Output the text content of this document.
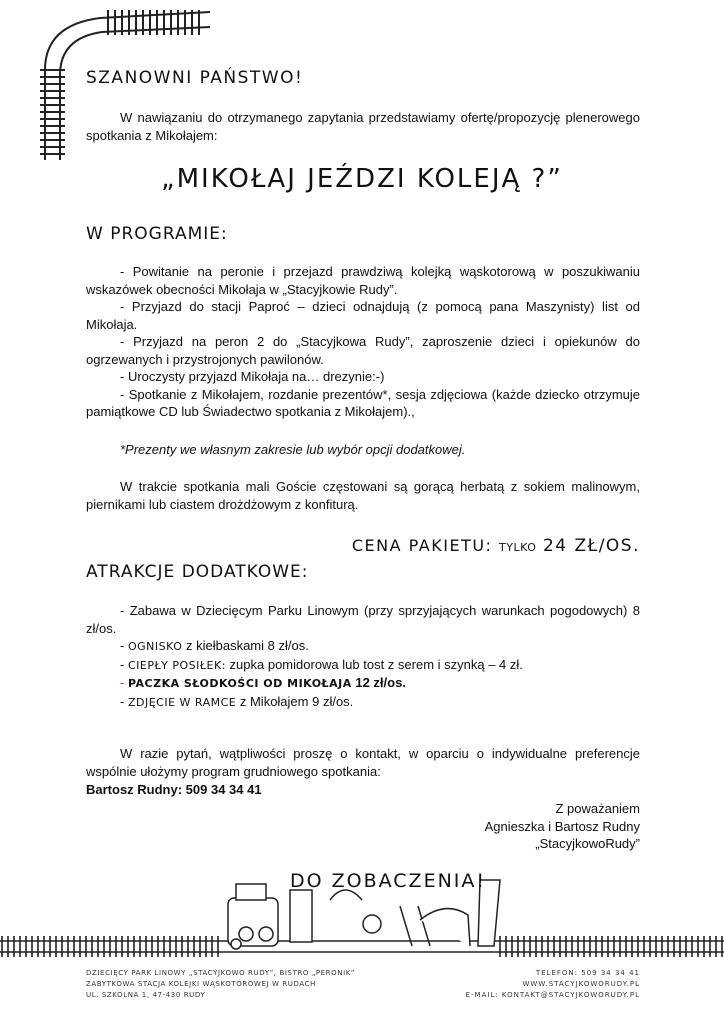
SZANOWNI PAŃSTWO!

W nawiązaniu do otrzymanego zapytania przedstawiamy ofertę/propozycję plenerowego spotkania z Mikołajem:

„MIKOŁAJ JEŹDZI KOLEJĄ ?”
W PROGRAMIE:

- Powitanie na peronie i przejazd prawdziwą kolejką wąskotorową w poszukiwaniu wskazówek obecności Mikołaja w „Stacyjkowie Rudy”.

- Przyjazd do stacji Paproć – dzieci odnajdują (z pomocą pana Maszynisty) list od Mikołaja.

- Przyjazd na peron 2 do „Stacyjkowa Rudy”, zaproszenie dzieci i opiekunów do ogrzewanych i przystrojonych pawilonów.

- Uroczysty przyjazd Mikołaja na… drezynie:-)

- Spotkanie z Mikołajem, rozdanie prezentów*, sesja zdjęciowa (każde dziecko otrzymuje pamiątkowe CD lub Świadectwo spotkania z Mikołajem).,

*Prezenty we własnym zakresie lub wybór opcji dodatkowej.

W trakcie spotkania mali Goście częstowani są gorącą herbatą z sokiem malinowym, piernikami lub ciastem drożdżowym z konfiturą.

CENA PAKIETU: TYLKO 24 ZŁ/OS.
ATRAKCJE DODATKOWE:

- Zabawa w Dziecięcym Parku Linowym (przy sprzyjających warunkach pogodowych) 8 zł/os.

- OGNISKO z kiełbaskami 8 zł/os.

- CIEPŁY POSIŁEK: zupka pomidorowa lub tost z serem i szynką – 4 zł.

- PACZKA SŁODKOŚCI OD MIKOŁAJA 12 zł/os.

- ZDJĘCIE W RAMCE z Mikołajem 9 zł/os.

W razie pytań, wątpliwości proszę o kontakt, w oparciu o indywidualne preferencje wspólnie ułożymy program grudniowego spotkania:

Bartosz Rudny: 509 34 34 41
Z poważaniem
Agnieszka i Bartosz Rudny
„StacyjkowoRudy”
DO ZOBACZENIA!
DZIECIĘCY PARK LINOWY „STACYJKOWO RUDY”, BISTRO „PERONIK”
ZABYTKOWA STACJA KOLEJKI WĄSKOTOROWEJ W RUDACH
UL. SZKOLNA 1, 47-430 RUDY
TELEFON: 509 34 34 41
WWW.STACYJKOWORUDY.PL
E-MAIL: KONTAKT@STACYJKOWORUDY.PL
